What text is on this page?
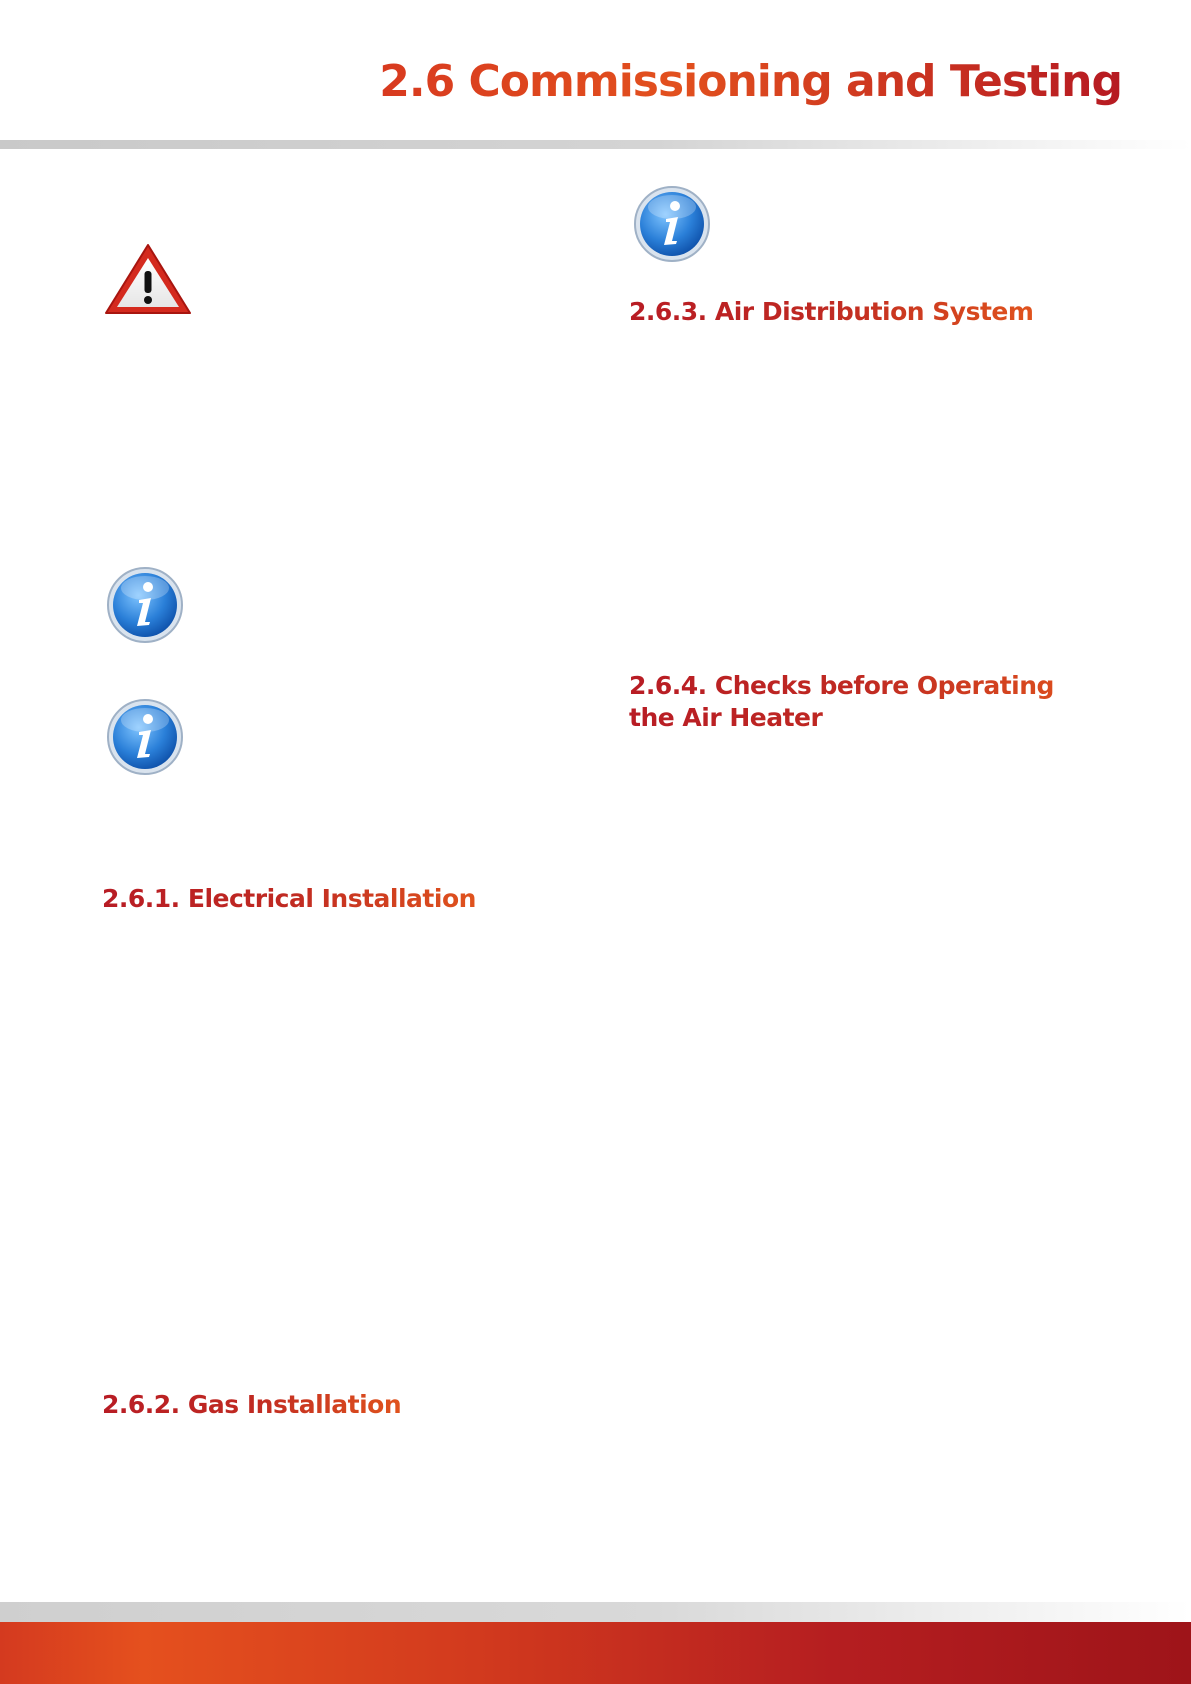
2.6 Commissioning and Testing
2.6.1. Electrical Installation
2.6.2. Gas Installation
2.6.3. Air Distribution System
2.6.4. Checks before Operating the Air Heater
